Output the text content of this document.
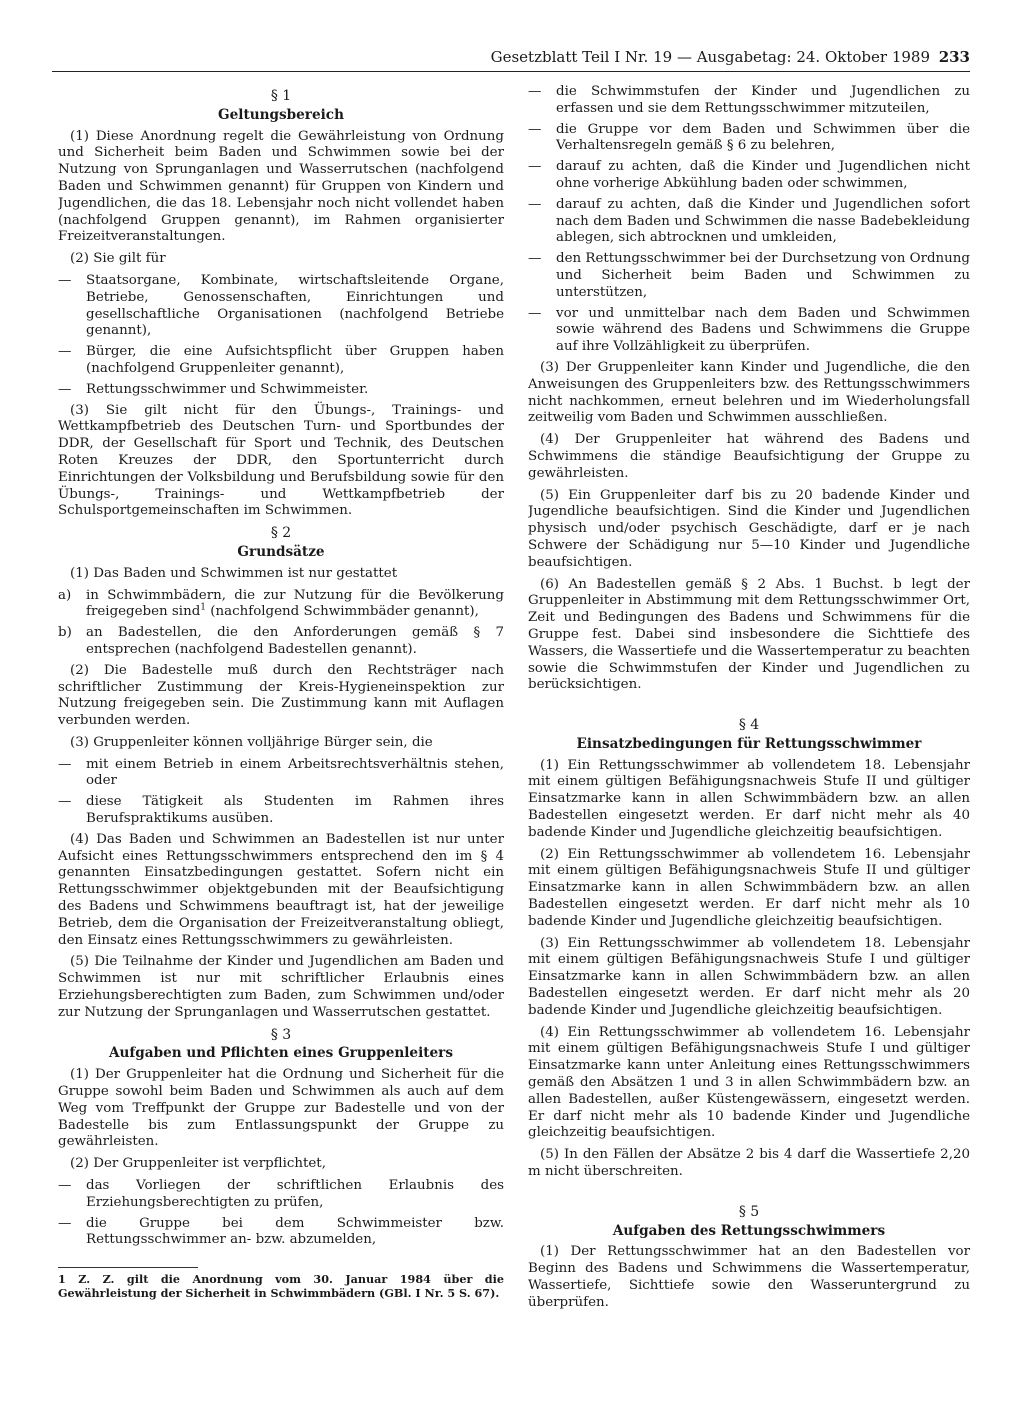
Gesetzblatt Teil I Nr. 19 — Ausgabetag: 24. Oktober 1989 233
§ 1
Geltungsbereich

(1) Diese Anordnung regelt die Gewährleistung von Ordnung und Sicherheit beim Baden und Schwimmen sowie bei der Nutzung von Sprunganlagen und Wasserrutschen (nachfolgend Baden und Schwimmen genannt) für Gruppen von Kindern und Jugendlichen, die das 18. Lebensjahr noch nicht vollendet haben (nachfolgend Gruppen genannt), im Rahmen organisierter Freizeitveranstaltungen.

(2) Sie gilt für

— Staatsorgane, Kombinate, wirtschaftsleitende Organe, Betriebe, Genossenschaften, Einrichtungen und gesellschaftliche Organisationen (nachfolgend Betriebe genannt),
— Bürger, die eine Aufsichtspflicht über Gruppen haben (nachfolgend Gruppenleiter genannt),
— Rettungsschwimmer und Schwimmeister.

(3) Sie gilt nicht für den Übungs-, Trainings- und Wettkampfbetrieb des Deutschen Turn- und Sportbundes der DDR, der Gesellschaft für Sport und Technik, des Deutschen Roten Kreuzes der DDR, den Sportunterricht durch Einrichtungen der Volksbildung und Berufsbildung sowie für den Übungs-, Trainings- und Wettkampfbetrieb der Schulsportgemeinschaften im Schwimmen.

§ 2
Grundsätze

(1) Das Baden und Schwimmen ist nur gestattet

a) in Schwimmbädern, die zur Nutzung für die Bevölkerung freigegeben sind$^1$ (nachfolgend Schwimmbäder genannt),
b) an Badestellen, die den Anforderungen gemäß § 7 entsprechen (nachfolgend Badestellen genannt).

(2) Die Badestelle muß durch den Rechtsträger nach schriftlicher Zustimmung der Kreis-Hygieneinspektion zur Nutzung freigegeben sein. Die Zustimmung kann mit Auflagen verbunden werden.

(3) Gruppenleiter können volljährige Bürger sein, die

— mit einem Betrieb in einem Arbeitsrechtsverhältnis stehen, oder
— diese Tätigkeit als Studenten im Rahmen ihres Berufspraktikums ausüben.

(4) Das Baden und Schwimmen an Badestellen ist nur unter Aufsicht eines Rettungsschwimmers entsprechend den im § 4 genannten Einsatzbedingungen gestattet. Sofern nicht ein Rettungsschwimmer objektgebunden mit der Beaufsichtigung des Badens und Schwimmens beauftragt ist, hat der jeweilige Betrieb, dem die Organisation der Freizeitveranstaltung obliegt, den Einsatz eines Rettungsschwimmers zu gewährleisten.

(5) Die Teilnahme der Kinder und Jugendlichen am Baden und Schwimmen ist nur mit schriftlicher Erlaubnis eines Erziehungsberechtigten zum Baden, zum Schwimmen und/oder zur Nutzung der Sprunganlagen und Wasserrutschen gestattet.

§ 3
Aufgaben und Pflichten eines Gruppenleiters

(1) Der Gruppenleiter hat die Ordnung und Sicherheit für die Gruppe sowohl beim Baden und Schwimmen als auch auf dem Weg vom Treffpunkt der Gruppe zur Badestelle und von der Badestelle bis zum Entlassungspunkt der Gruppe zu gewährleisten.

(2) Der Gruppenleiter ist verpflichtet,

— das Vorliegen der schriftlichen Erlaubnis des Erziehungsberechtigten zu prüfen,
— die Gruppe bei dem Schwimmeister bzw. Rettungsschwimmer an- bzw. abzumelden,
1 Z. Z. gilt die Anordnung vom 30. Januar 1984 über die Gewährleistung der Sicherheit in Schwimmbädern (GBl. I Nr. 5 S. 67).
— die Schwimmstufen der Kinder und Jugendlichen zu erfassen und sie dem Rettungsschwimmer mitzuteilen,
— die Gruppe vor dem Baden und Schwimmen über die Verhaltensregeln gemäß § 6 zu belehren,
— darauf zu achten, daß die Kinder und Jugendlichen nicht ohne vorherige Abkühlung baden oder schwimmen,
— darauf zu achten, daß die Kinder und Jugendlichen sofort nach dem Baden und Schwimmen die nasse Badebekleidung ablegen, sich abtrocknen und umkleiden,
— den Rettungsschwimmer bei der Durchsetzung von Ordnung und Sicherheit beim Baden und Schwimmen zu unterstützen,
— vor und unmittelbar nach dem Baden und Schwimmen sowie während des Badens und Schwimmens die Gruppe auf ihre Vollzähligkeit zu überprüfen.

(3) Der Gruppenleiter kann Kinder und Jugendliche, die den Anweisungen des Gruppenleiters bzw. des Rettungsschwimmers nicht nachkommen, erneut belehren und im Wiederholungsfall zeitweilig vom Baden und Schwimmen ausschließen.

(4) Der Gruppenleiter hat während des Badens und Schwimmens die ständige Beaufsichtigung der Gruppe zu gewährleisten.

(5) Ein Gruppenleiter darf bis zu 20 badende Kinder und Jugendliche beaufsichtigen. Sind die Kinder und Jugendlichen physisch und/oder psychisch Geschädigte, darf er je nach Schwere der Schädigung nur 5—10 Kinder und Jugendliche beaufsichtigen.

(6) An Badestellen gemäß § 2 Abs. 1 Buchst. b legt der Gruppenleiter in Abstimmung mit dem Rettungsschwimmer Ort, Zeit und Bedingungen des Badens und Schwimmens für die Gruppe fest. Dabei sind insbesondere die Sichttiefe des Wassers, die Wassertiefe und die Wassertemperatur zu beachten sowie die Schwimmstufen der Kinder und Jugendlichen zu berücksichtigen.

§ 4
Einsatzbedingungen für Rettungsschwimmer

(1) Ein Rettungsschwimmer ab vollendetem 18. Lebensjahr mit einem gültigen Befähigungsnachweis Stufe II und gültiger Einsatzmarke kann in allen Schwimmbädern bzw. an allen Badestellen eingesetzt werden. Er darf nicht mehr als 40 badende Kinder und Jugendliche gleichzeitig beaufsichtigen.

(2) Ein Rettungsschwimmer ab vollendetem 16. Lebensjahr mit einem gültigen Befähigungsnachweis Stufe II und gültiger Einsatzmarke kann in allen Schwimmbädern bzw. an allen Badestellen eingesetzt werden. Er darf nicht mehr als 10 badende Kinder und Jugendliche gleichzeitig beaufsichtigen.

(3) Ein Rettungsschwimmer ab vollendetem 18. Lebensjahr mit einem gültigen Befähigungsnachweis Stufe I und gültiger Einsatzmarke kann in allen Schwimmbädern bzw. an allen Badestellen eingesetzt werden. Er darf nicht mehr als 20 badende Kinder und Jugendliche gleichzeitig beaufsichtigen.

(4) Ein Rettungsschwimmer ab vollendetem 16. Lebensjahr mit einem gültigen Befähigungsnachweis Stufe I und gültiger Einsatzmarke kann unter Anleitung eines Rettungsschwimmers gemäß den Absätzen 1 und 3 in allen Schwimmbädern bzw. an allen Badestellen, außer Küstengewässern, eingesetzt werden. Er darf nicht mehr als 10 badende Kinder und Jugendliche gleichzeitig beaufsichtigen.

(5) In den Fällen der Absätze 2 bis 4 darf die Wassertiefe 2,20 m nicht überschreiten.

§ 5
Aufgaben des Rettungsschwimmers

(1) Der Rettungsschwimmer hat an den Badestellen vor Beginn des Badens und Schwimmens die Wassertemperatur, Wassertiefe, Sichttiefe sowie den Wasseruntergrund zu überprüfen.
